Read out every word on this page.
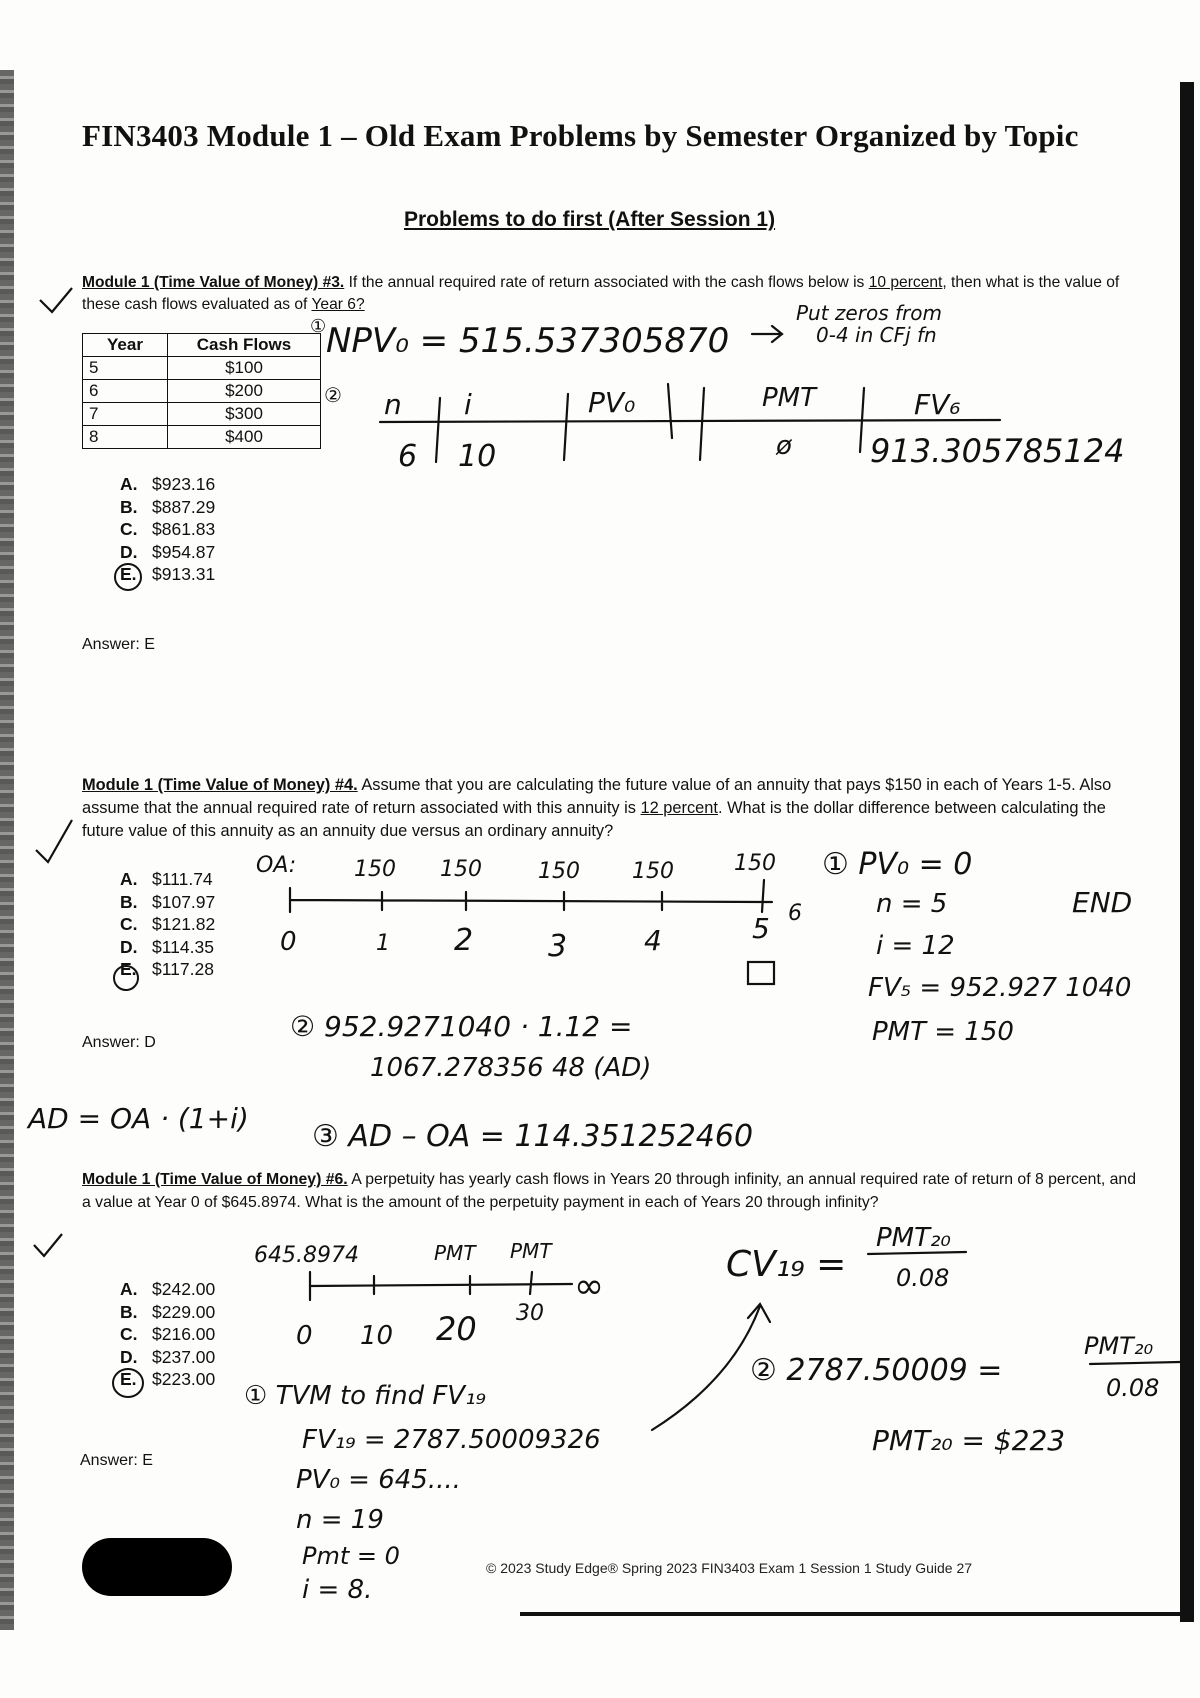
FIN3403 Module 1 – Old Exam Problems by Semester Organized by Topic
Problems to do first (After Session 1)
Module 1 (Time Value of Money) #3. If the annual required rate of return associated with the cash flows below is 10 percent, then what is the value of these cash flows evaluated as of Year 6?
Year	Cash Flows
5	$100
6	$200
7	$300
8	$400
A. $923.16
B. $887.29
C. $861.83
D. $954.87
E. $913.31
Answer: E
Module 1 (Time Value of Money) #4. Assume that you are calculating the future value of an annuity that pays $150 in each of Years 1-5. Also assume that the annual required rate of return associated with this annuity is 12 percent. What is the dollar difference between calculating the future value of this annuity as an annuity due versus an ordinary annuity?
A. $111.74
B. $107.97
C. $121.82
D. $114.35
E. $117.28
Answer: D
Module 1 (Time Value of Money) #6. A perpetuity has yearly cash flows in Years 20 through infinity, an annual required rate of return of 8 percent, and a value at Year 0 of $645.8974. What is the amount of the perpetuity payment in each of Years 20 through infinity?
A. $242.00
B. $229.00
C. $216.00
D. $237.00
E. $223.00
Answer: E
© 2023 Study Edge® Spring 2023 FIN3403 Exam 1 Session 1 Study Guide 27
NPV₀ = 515.537305870
①
Put zeros from
0-4 in CFj fn
② n i	PV₀	PMT	FV₆
6 10	ø 913.305785124
OA:	150 150	150 150	150
0	1 2 3	4	5 6
① PV₀ = 0
n = 5	END
i = 12
FV₅ = 952.927 1040
PMT = 150
② 952.9271040 · 1.12 =
1067.278356 48 (AD)
AD = OA · (1+i)
③ AD – OA = 114.351252460
645.8974	PMT PMT
∞
0 10 20 30
CV₁₉ =
PMT₂₀
0.08
① TVM to find FV₁₉
FV₁₉ = 2787.50009326
PV₀ = 645....
n = 19
Pmt = 0
i = 8.
② 2787.50009 =
PMT₂₀
0.08
PMT₂₀ = $223
